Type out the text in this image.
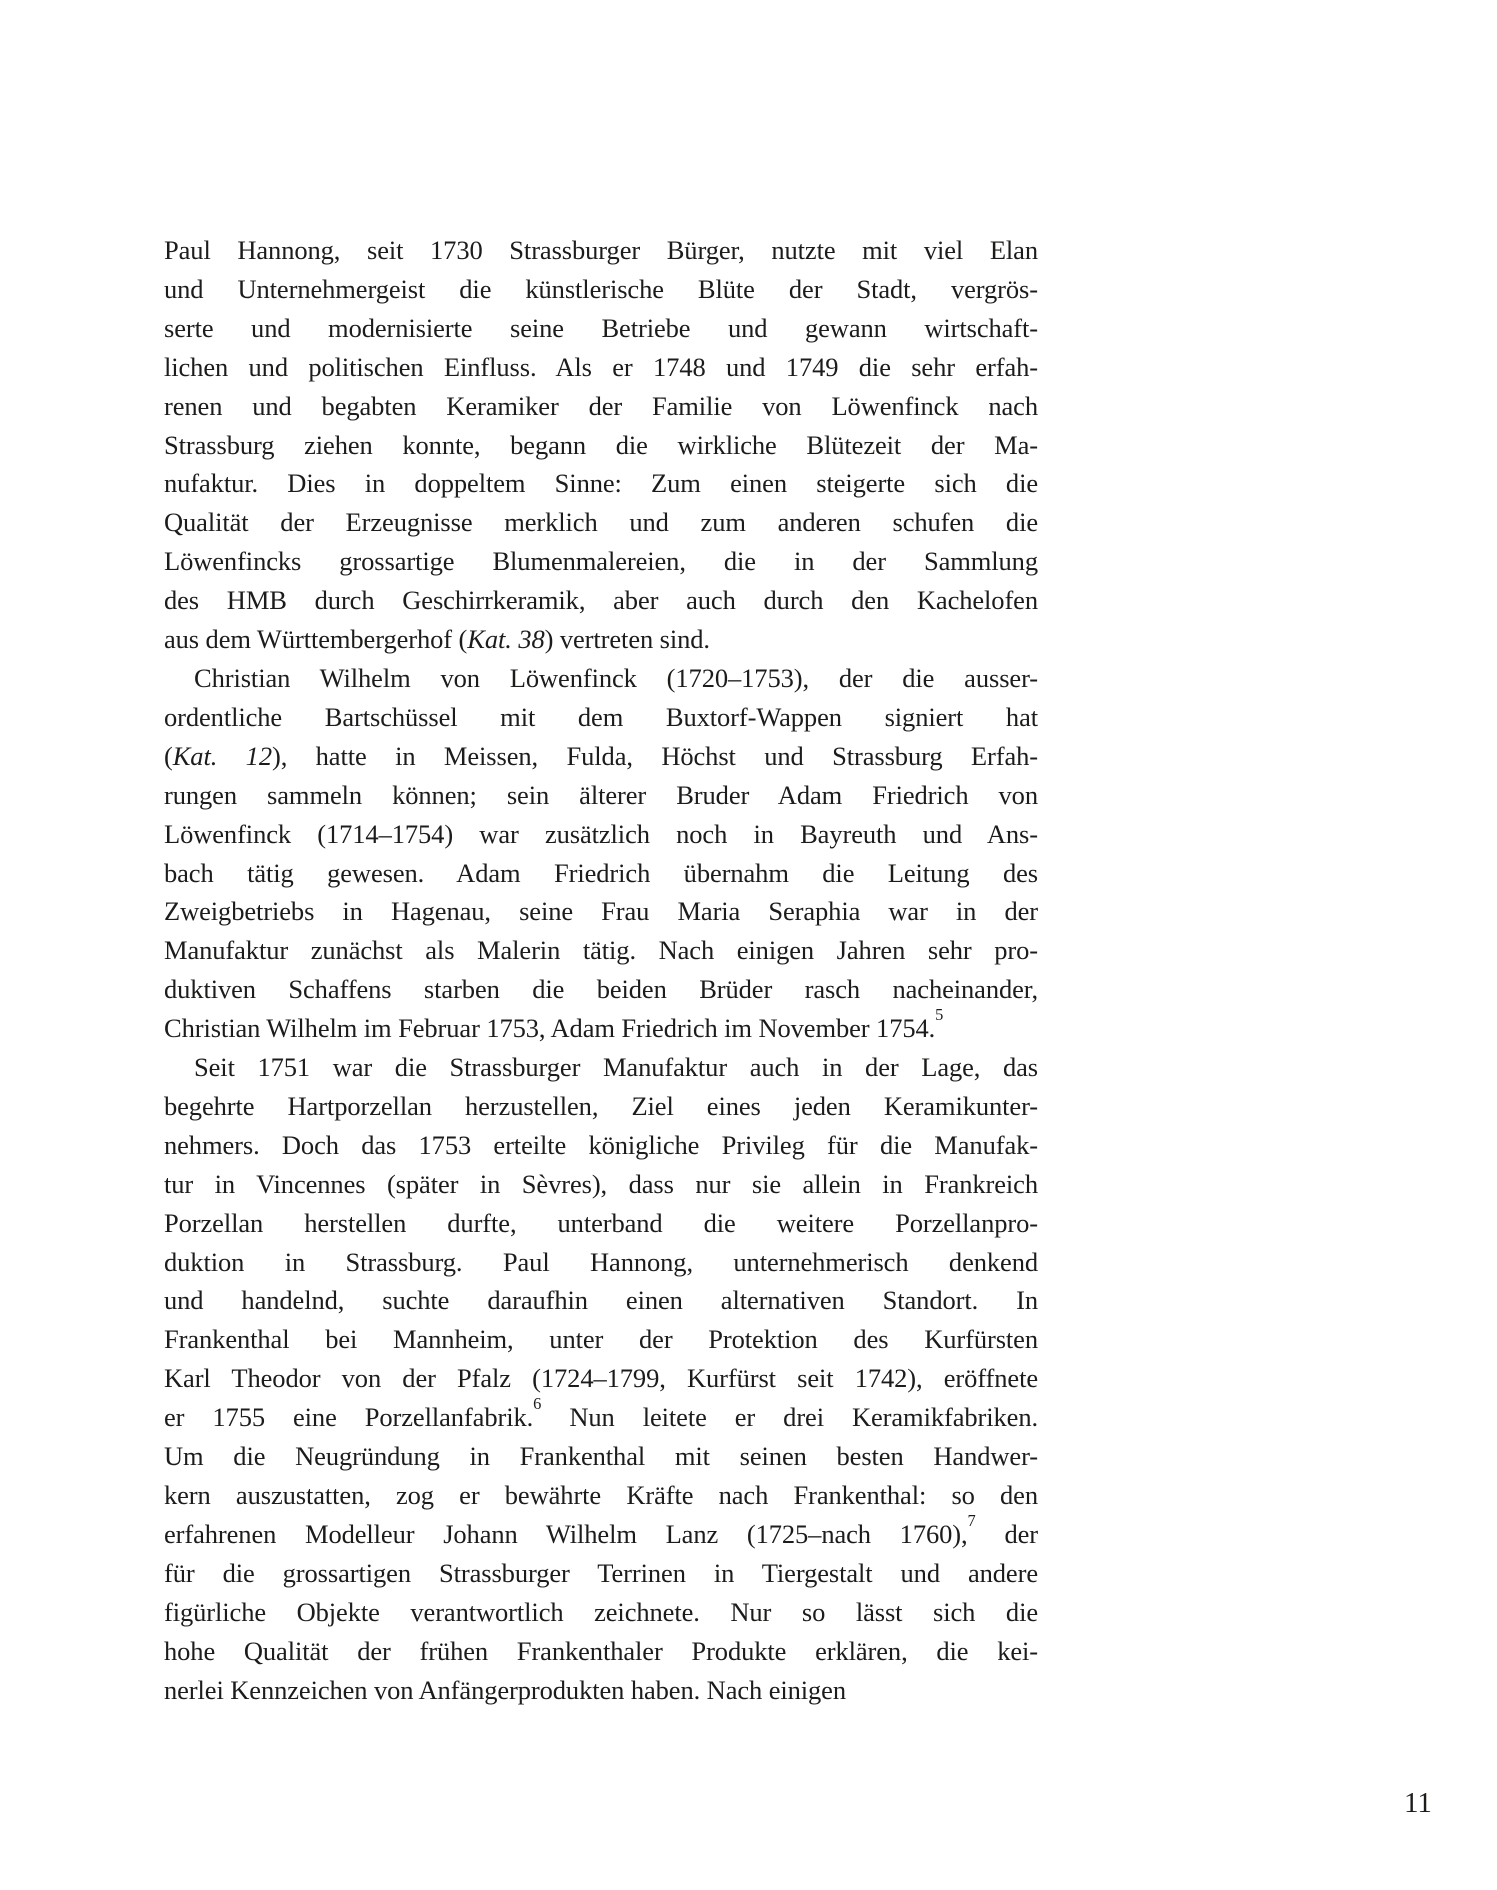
Paul Hannong, seit 1730 Strassburger Bürger, nutzte mit viel Elan
und Unternehmergeist die künstlerische Blüte der Stadt, vergrös-
serte und modernisierte seine Betriebe und gewann wirtschaft-
lichen und politischen Einfluss. Als er 1748 und 1749 die sehr erfah-
renen und begabten Keramiker der Familie von Löwenfinck nach
Strassburg ziehen konnte, begann die wirkliche Blütezeit der Ma-
nufaktur. Dies in doppeltem Sinne: Zum einen steigerte sich die
Qualität der Erzeugnisse merklich und zum anderen schufen die
Löwenfincks grossartige Blumenmalereien, die in der Sammlung
des HMB durch Geschirrkeramik, aber auch durch den Kachelofen
aus dem Württembergerhof (Kat. 38) vertreten sind.
Christian Wilhelm von Löwenfinck (1720–1753), der die ausser-
ordentliche Bartschüssel mit dem Buxtorf-Wappen signiert hat
(Kat. 12), hatte in Meissen, Fulda, Höchst und Strassburg Erfah-
rungen sammeln können; sein älterer Bruder Adam Friedrich von
Löwenfinck (1714–1754) war zusätzlich noch in Bayreuth und Ans-
bach tätig gewesen. Adam Friedrich übernahm die Leitung des
Zweigbetriebs in Hagenau, seine Frau Maria Seraphia war in der
Manufaktur zunächst als Malerin tätig. Nach einigen Jahren sehr pro-
duktiven Schaffens starben die beiden Brüder rasch nacheinander,
Christian Wilhelm im Februar 1753, Adam Friedrich im November 1754.$^5$
Seit 1751 war die Strassburger Manufaktur auch in der Lage, das
begehrte Hartporzellan herzustellen, Ziel eines jeden Keramikunter-
nehmers. Doch das 1753 erteilte königliche Privileg für die Manufak-
tur in Vincennes (später in Sèvres), dass nur sie allein in Frankreich
Porzellan herstellen durfte, unterband die weitere Porzellanpro-
duktion in Strassburg. Paul Hannong, unternehmerisch denkend
und handelnd, suchte daraufhin einen alternativen Standort. In
Frankenthal bei Mannheim, unter der Protektion des Kurfürsten
Karl Theodor von der Pfalz (1724–1799, Kurfürst seit 1742), eröffnete
er 1755 eine Porzellanfabrik.$^6$ Nun leitete er drei Keramikfabriken.
Um die Neugründung in Frankenthal mit seinen besten Handwer-
kern auszustatten, zog er bewährte Kräfte nach Frankenthal: so den
erfahrenen Modelleur Johann Wilhelm Lanz (1725–nach 1760),$^7$ der
für die grossartigen Strassburger Terrinen in Tiergestalt und andere
figürliche Objekte verantwortlich zeichnete. Nur so lässt sich die
hohe Qualität der frühen Frankenthaler Produkte erklären, die kei-
nerlei Kennzeichen von Anfängerprodukten haben. Nach einigen
11
